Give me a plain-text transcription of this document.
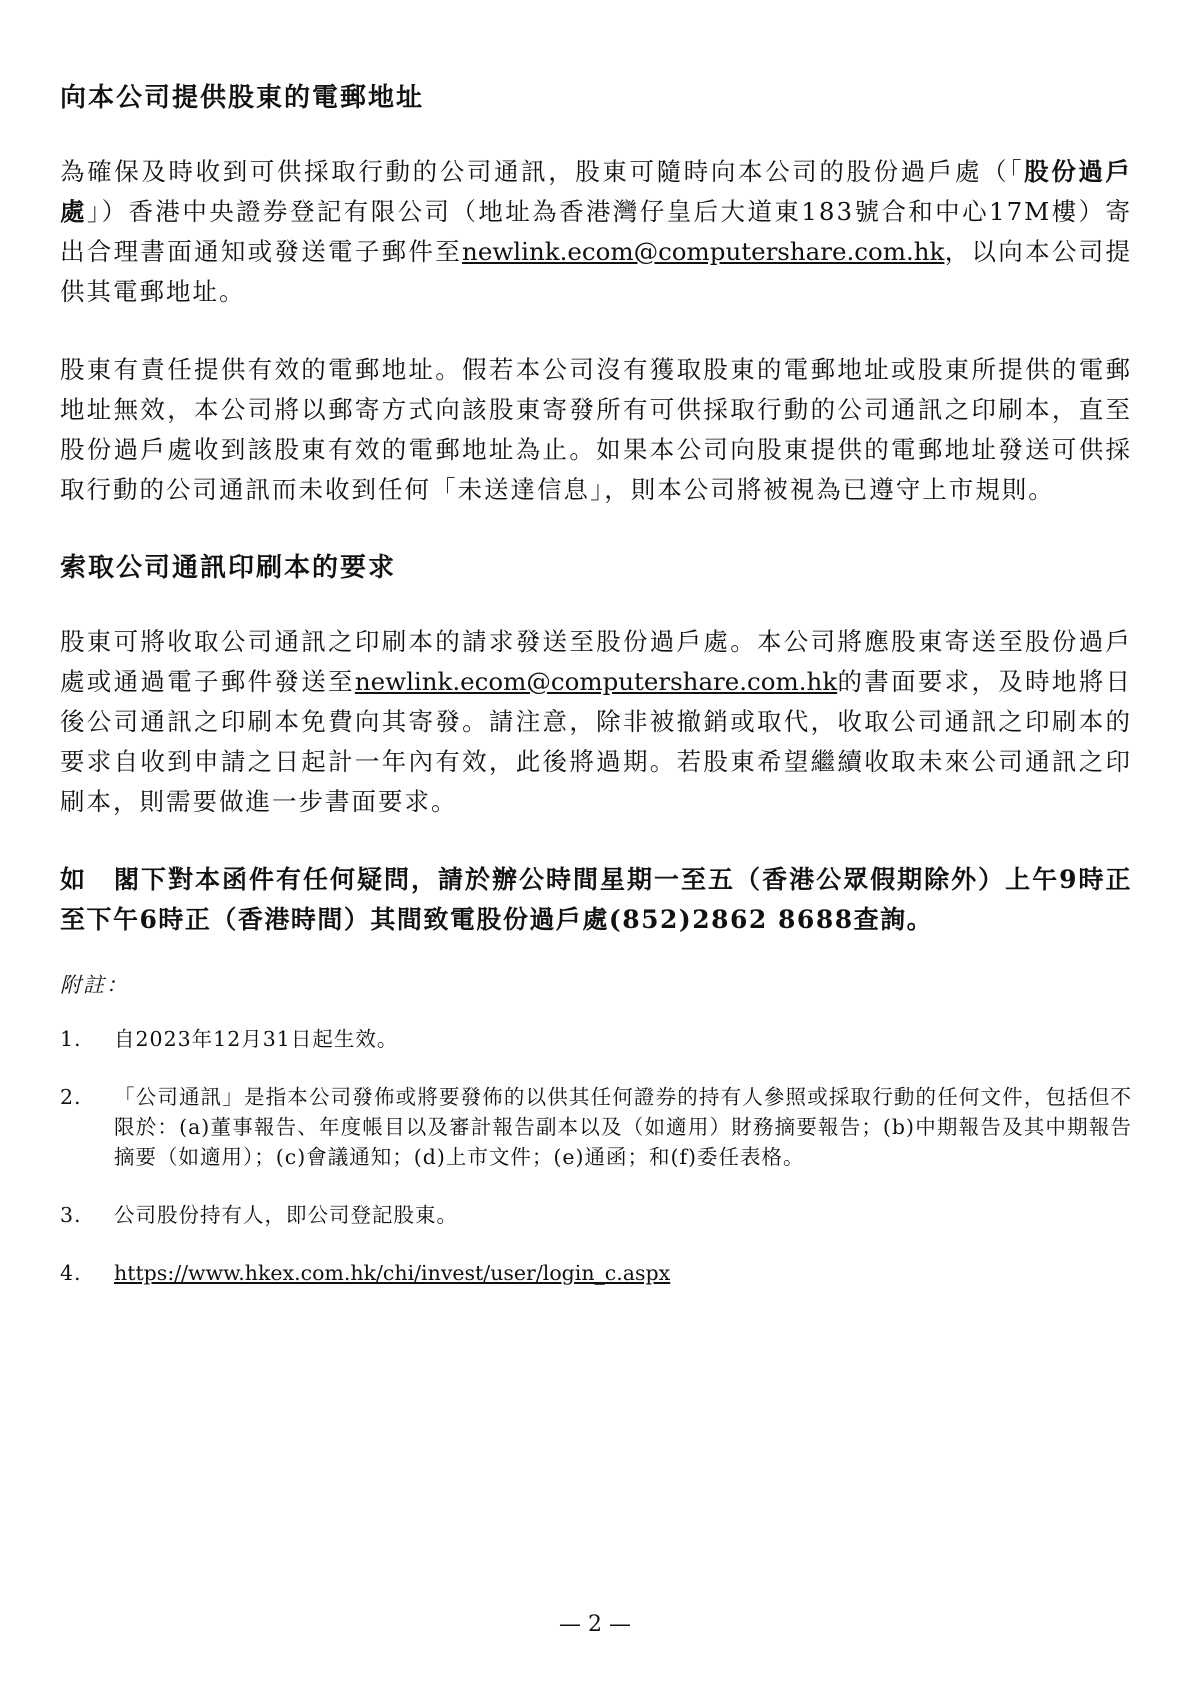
向本公司提供股東的電郵地址

為確保及時收到可供採取行動的公司通訊，股東可隨時向本公司的股份過戶處（「股份過戶處」）香港中央證券登記有限公司（地址為香港灣仔皇后大道東183號合和中心17M樓）寄出合理書面通知或發送電子郵件至newlink.ecom@computershare.com.hk，以向本公司提供其電郵地址。

股東有責任提供有效的電郵地址。假若本公司沒有獲取股東的電郵地址或股東所提供的電郵地址無效，本公司將以郵寄方式向該股東寄發所有可供採取行動的公司通訊之印刷本，直至股份過戶處收到該股東有效的電郵地址為止。如果本公司向股東提供的電郵地址發送可供採取行動的公司通訊而未收到任何「未送達信息」，則本公司將被視為已遵守上市規則。

索取公司通訊印刷本的要求

股東可將收取公司通訊之印刷本的請求發送至股份過戶處。本公司將應股東寄送至股份過戶處或通過電子郵件發送至newlink.ecom@computershare.com.hk的書面要求，及時地將日後公司通訊之印刷本免費向其寄發。請注意，除非被撤銷或取代，收取公司通訊之印刷本的要求自收到申請之日起計一年內有效，此後將過期。若股東希望繼續收取未來公司通訊之印刷本，則需要做進一步書面要求。

如　閣下對本函件有任何疑問，請於辦公時間星期一至五（香港公眾假期除外）上午9時正至下午6時正（香港時間）其間致電股份過戶處(852)2862 8688查詢。

附註：
1.	自2023年12月31日起生效。
2.	「公司通訊」是指本公司發佈或將要發佈的以供其任何證券的持有人參照或採取行動的任何文件，包括但不限於：(a)董事報告、年度帳目以及審計報告副本以及（如適用）財務摘要報告；(b)中期報告及其中期報告摘要（如適用）；(c)會議通知；(d)上市文件；(e)通函；和(f)委任表格。
3.	公司股份持有人，即公司登記股東。
4.	https://www.hkex.com.hk/chi/invest/user/login_c.aspx
— 2 —
